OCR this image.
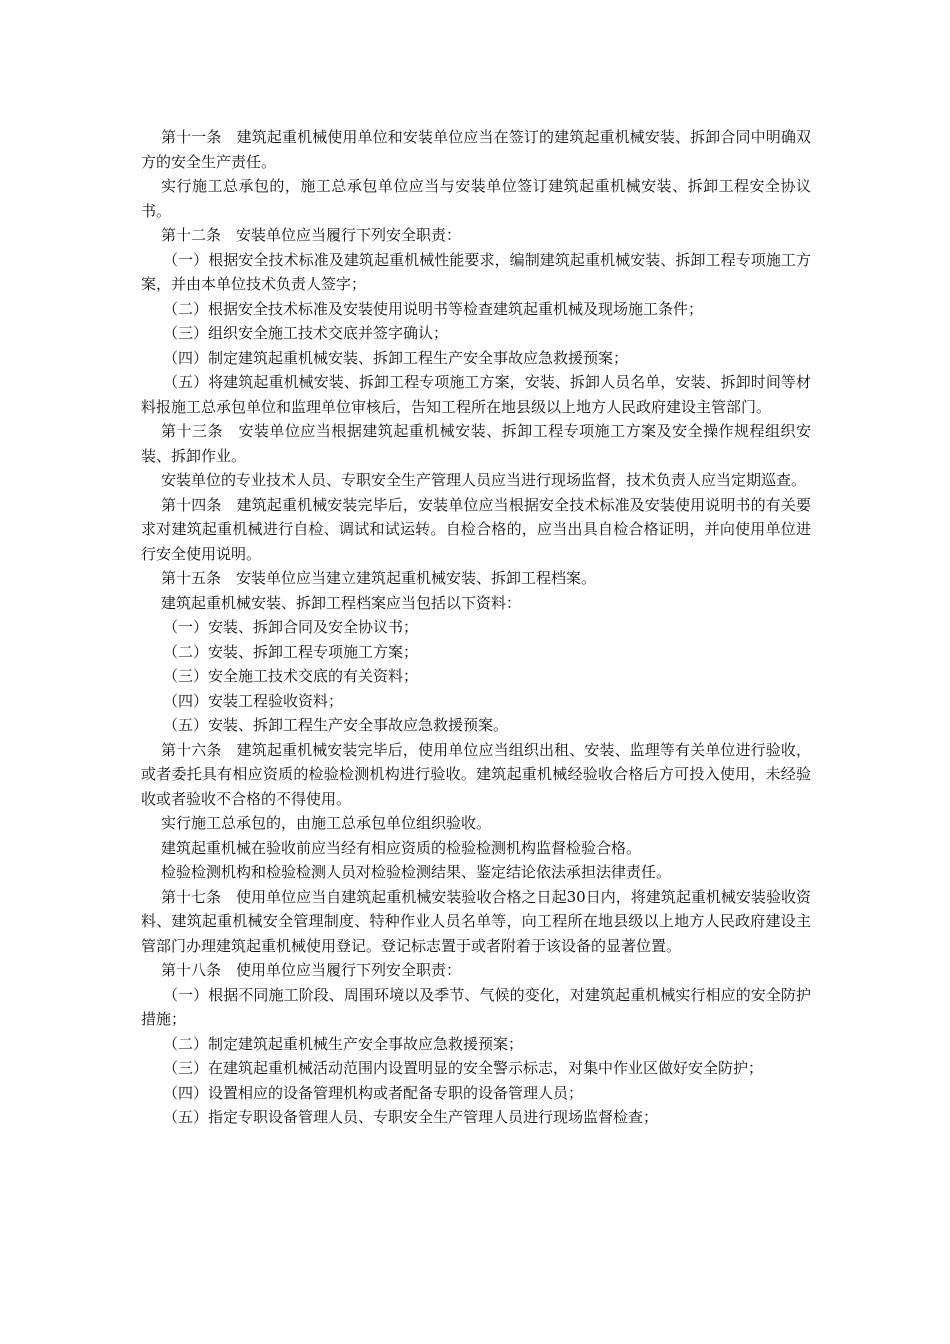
第十一条　建筑起重机械使用单位和安装单位应当在签订的建筑起重机械安装、拆卸合同中明确双方的安全生产责任。

实行施工总承包的，施工总承包单位应当与安装单位签订建筑起重机械安装、拆卸工程安全协议书。

第十二条　安装单位应当履行下列安全职责：

（一）根据安全技术标准及建筑起重机械性能要求，编制建筑起重机械安装、拆卸工程专项施工方案，并由本单位技术负责人签字；

（二）根据安全技术标准及安装使用说明书等检查建筑起重机械及现场施工条件；

（三）组织安全施工技术交底并签字确认；

（四）制定建筑起重机械安装、拆卸工程生产安全事故应急救援预案；

（五）将建筑起重机械安装、拆卸工程专项施工方案，安装、拆卸人员名单，安装、拆卸时间等材料报施工总承包单位和监理单位审核后，告知工程所在地县级以上地方人民政府建设主管部门。

第十三条　安装单位应当根据建筑起重机械安装、拆卸工程专项施工方案及安全操作规程组织安装、拆卸作业。

安装单位的专业技术人员、专职安全生产管理人员应当进行现场监督，技术负责人应当定期巡查。

第十四条　建筑起重机械安装完毕后，安装单位应当根据安全技术标准及安装使用说明书的有关要求对建筑起重机械进行自检、调试和试运转。自检合格的，应当出具自检合格证明，并向使用单位进行安全使用说明。

第十五条　安装单位应当建立建筑起重机械安装、拆卸工程档案。

建筑起重机械安装、拆卸工程档案应当包括以下资料：

（一）安装、拆卸合同及安全协议书；

（二）安装、拆卸工程专项施工方案；

（三）安全施工技术交底的有关资料；

（四）安装工程验收资料；

（五）安装、拆卸工程生产安全事故应急救援预案。

第十六条　建筑起重机械安装完毕后，使用单位应当组织出租、安装、监理等有关单位进行验收，或者委托具有相应资质的检验检测机构进行验收。建筑起重机械经验收合格后方可投入使用，未经验收或者验收不合格的不得使用。

实行施工总承包的，由施工总承包单位组织验收。

建筑起重机械在验收前应当经有相应资质的检验检测机构监督检验合格。

检验检测机构和检验检测人员对检验检测结果、鉴定结论依法承担法律责任。

第十七条　使用单位应当自建筑起重机械安装验收合格之日起30日内，将建筑起重机械安装验收资料、建筑起重机械安全管理制度、特种作业人员名单等，向工程所在地县级以上地方人民政府建设主管部门办理建筑起重机械使用登记。登记标志置于或者附着于该设备的显著位置。

第十八条　使用单位应当履行下列安全职责：

（一）根据不同施工阶段、周围环境以及季节、气候的变化，对建筑起重机械实行相应的安全防护措施；

（二）制定建筑起重机械生产安全事故应急救援预案；

（三）在建筑起重机械活动范围内设置明显的安全警示标志，对集中作业区做好安全防护；

（四）设置相应的设备管理机构或者配备专职的设备管理人员；

（五）指定专职设备管理人员、专职安全生产管理人员进行现场监督检查；
